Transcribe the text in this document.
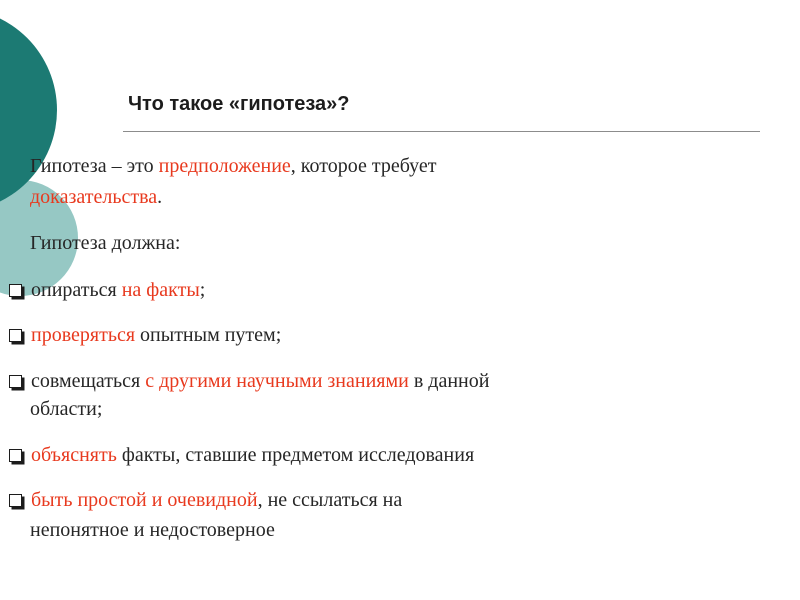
Что такое «гипотеза»?

Гипотеза – это предположение, которое требует

доказательства.

Гипотеза должна:

опираться на факты;
проверяться опытным путем;
совмещаться с другими научными знаниями в данной
области;
объяснять факты, ставшие предметом исследования
быть простой и очевидной, не ссылаться на
непонятное и недостоверное
